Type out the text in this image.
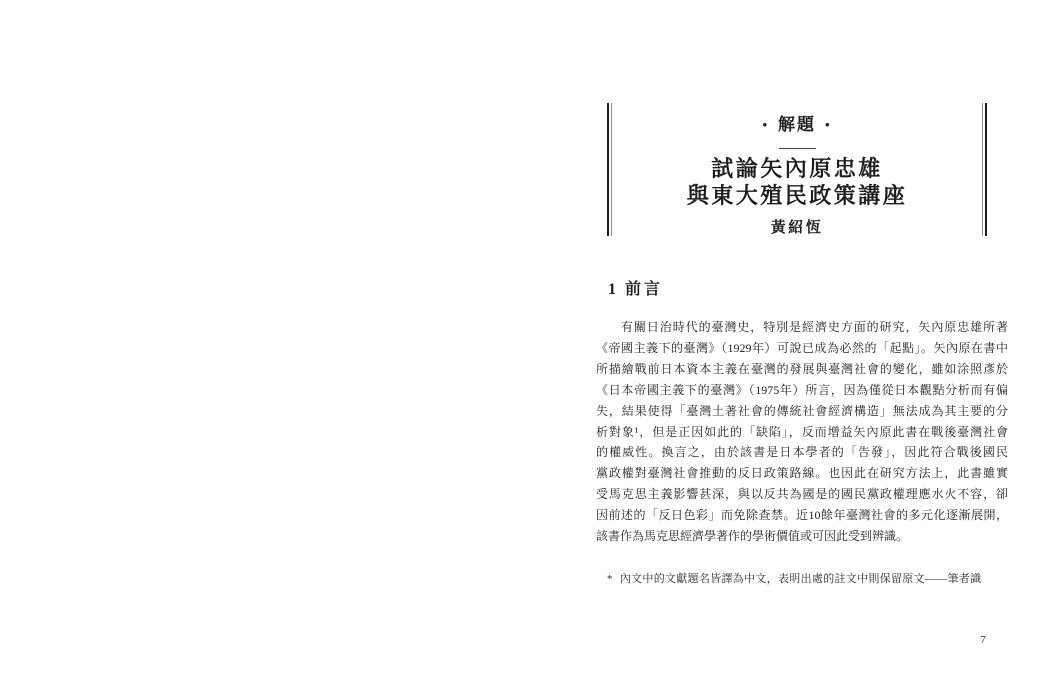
• 解題 •
試論矢內原忠雄
與東大殖民政策講座
黃紹恆
1 前言
有關日治時代的臺灣史，特別是經濟史方面的研究，矢內原忠雄所著
《帝國主義下的臺灣》（1929年）可說已成為必然的「起點」。矢內原在書中
所描繪戰前日本資本主義在臺灣的發展與臺灣社會的變化，雖如涂照彥於
《日本帝國主義下的臺灣》（1975年）所言，因為僅從日本觀點分析而有偏
失，結果使得「臺灣土著社會的傳統社會經濟構造」無法成為其主要的分
析對象¹，但是正因如此的「缺陷」，反而增益矢內原此書在戰後臺灣社會
的權威性。換言之，由於該書是日本學者的「告發」，因此符合戰後國民
黨政權對臺灣社會推動的反日政策路線。也因此在研究方法上，此書雖實
受馬克思主義影響甚深，與以反共為國是的國民黨政權理應水火不容，卻
因前述的「反日色彩」而免除查禁。近10餘年臺灣社會的多元化逐漸展開，
該書作為馬克思經濟學著作的學術價值或可因此受到辨識。
* 內文中的文獻題名皆譯為中文，表明出處的註文中則保留原文——筆者識
7
